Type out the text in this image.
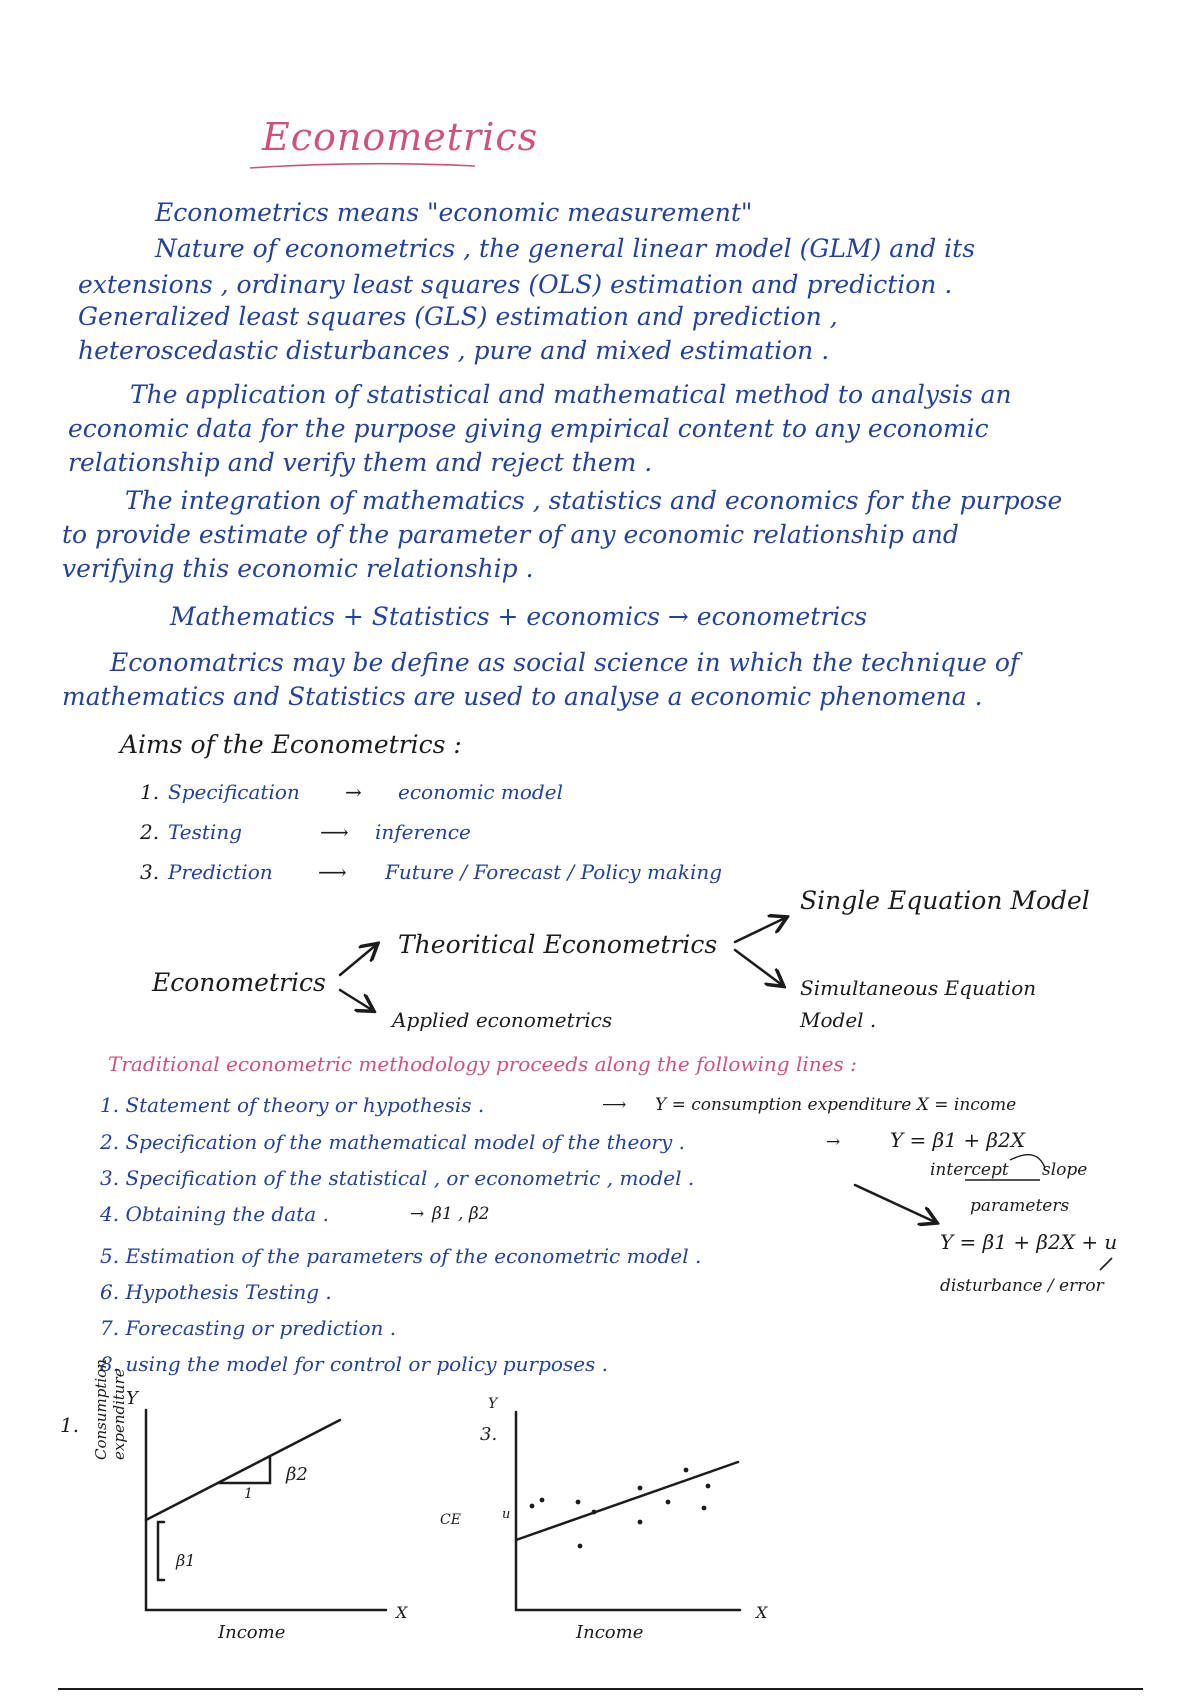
Econometrics
Econometrics means "economic measurement"
Nature of econometrics , the general linear model (GLM) and its
extensions , ordinary least squares (OLS) estimation and prediction .
Generalized least squares (GLS) estimation and prediction ,
heteroscedastic disturbances , pure and mixed estimation .
The application of statistical and mathematical method to analysis an
economic data for the purpose giving empirical content to any economic
relationship and verify them and reject them .
The integration of mathematics , statistics and economics for the purpose
to provide estimate of the parameter of any economic relationship and
verifying this economic relationship .
Mathematics + Statistics + economics → econometrics
Economatrics may be define as social science in which the technique of
mathematics and Statistics are used to analyse a economic phenomena .
Aims of the Econometrics :
1. Specification → economic model
2. Testing	⟶ inference
3. Prediction ⟶ Future / Forecast / Policy making
Econometrics
Theoritical Econometrics
Applied econometrics
Single Equation Model
Simultaneous Equation
Model .
Traditional econometric methodology proceeds along the following lines :
1. Statement of theory or hypothesis .
2. Specification of the mathematical model of the theory .
3. Specification of the statistical , or econometric , model .
4. Obtaining the data .
5. Estimation of the parameters of the econometric model .
6. Hypothesis Testing .
7. Forecasting or prediction .
8. using the model for control or policy purposes .
⟶ Y = consumption expenditure X = income
→ Y = β1 + β2X
intercept slope
parameters
→ β1 , β2
Y = β1 + β2X + u
disturbance / error
1.
Y
X
Income
Consumption expenditure
β2
1
β1
3.
CE
Y
X
Income
u
